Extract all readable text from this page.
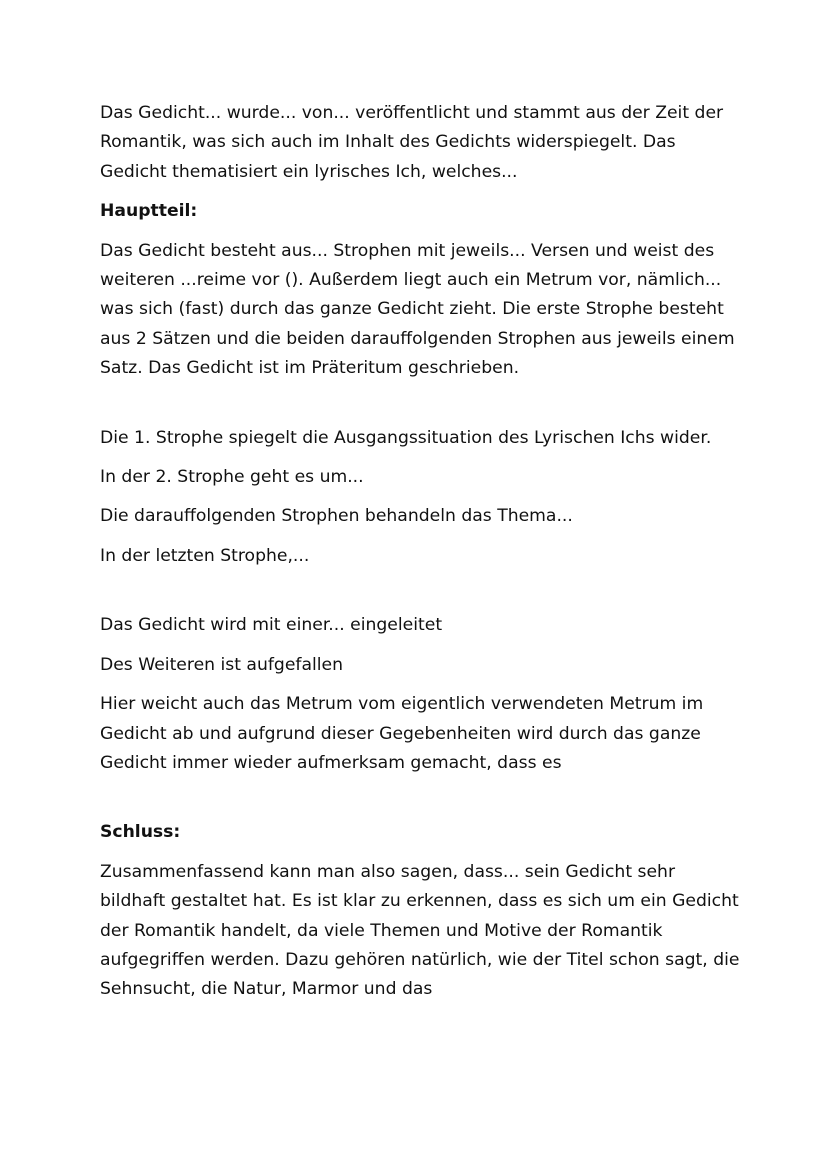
Das Gedicht... wurde... von... veröffentlicht und stammt aus der Zeit der Romantik, was sich auch im Inhalt des Gedichts widerspiegelt. Das Gedicht thematisiert ein lyrisches Ich, welches...

Hauptteil:

Das Gedicht besteht aus... Strophen mit jeweils... Versen und weist des weiteren ...reime vor (). Außerdem liegt auch ein Metrum vor, nämlich... was sich (fast) durch das ganze Gedicht zieht. Die erste Strophe besteht aus 2 Sätzen und die beiden darauffolgenden Strophen aus jeweils einem Satz. Das Gedicht ist im Präteritum geschrieben.

Die 1. Strophe spiegelt die Ausgangssituation des Lyrischen Ichs wider.

In der 2. Strophe geht es um...

Die darauffolgenden Strophen behandeln das Thema...

In der letzten Strophe,...

Das Gedicht wird mit einer... eingeleitet

Des Weiteren ist aufgefallen

Hier weicht auch das Metrum vom eigentlich verwendeten Metrum im Gedicht ab und aufgrund dieser Gegebenheiten wird durch das ganze Gedicht immer wieder aufmerksam gemacht, dass es

Schluss:

Zusammenfassend kann man also sagen, dass... sein Gedicht sehr bildhaft gestaltet hat. Es ist klar zu erkennen, dass es sich um ein Gedicht der Romantik handelt, da viele Themen und Motive der Romantik aufgegriffen werden. Dazu gehören natürlich, wie der Titel schon sagt, die Sehnsucht, die Natur, Marmor und das
